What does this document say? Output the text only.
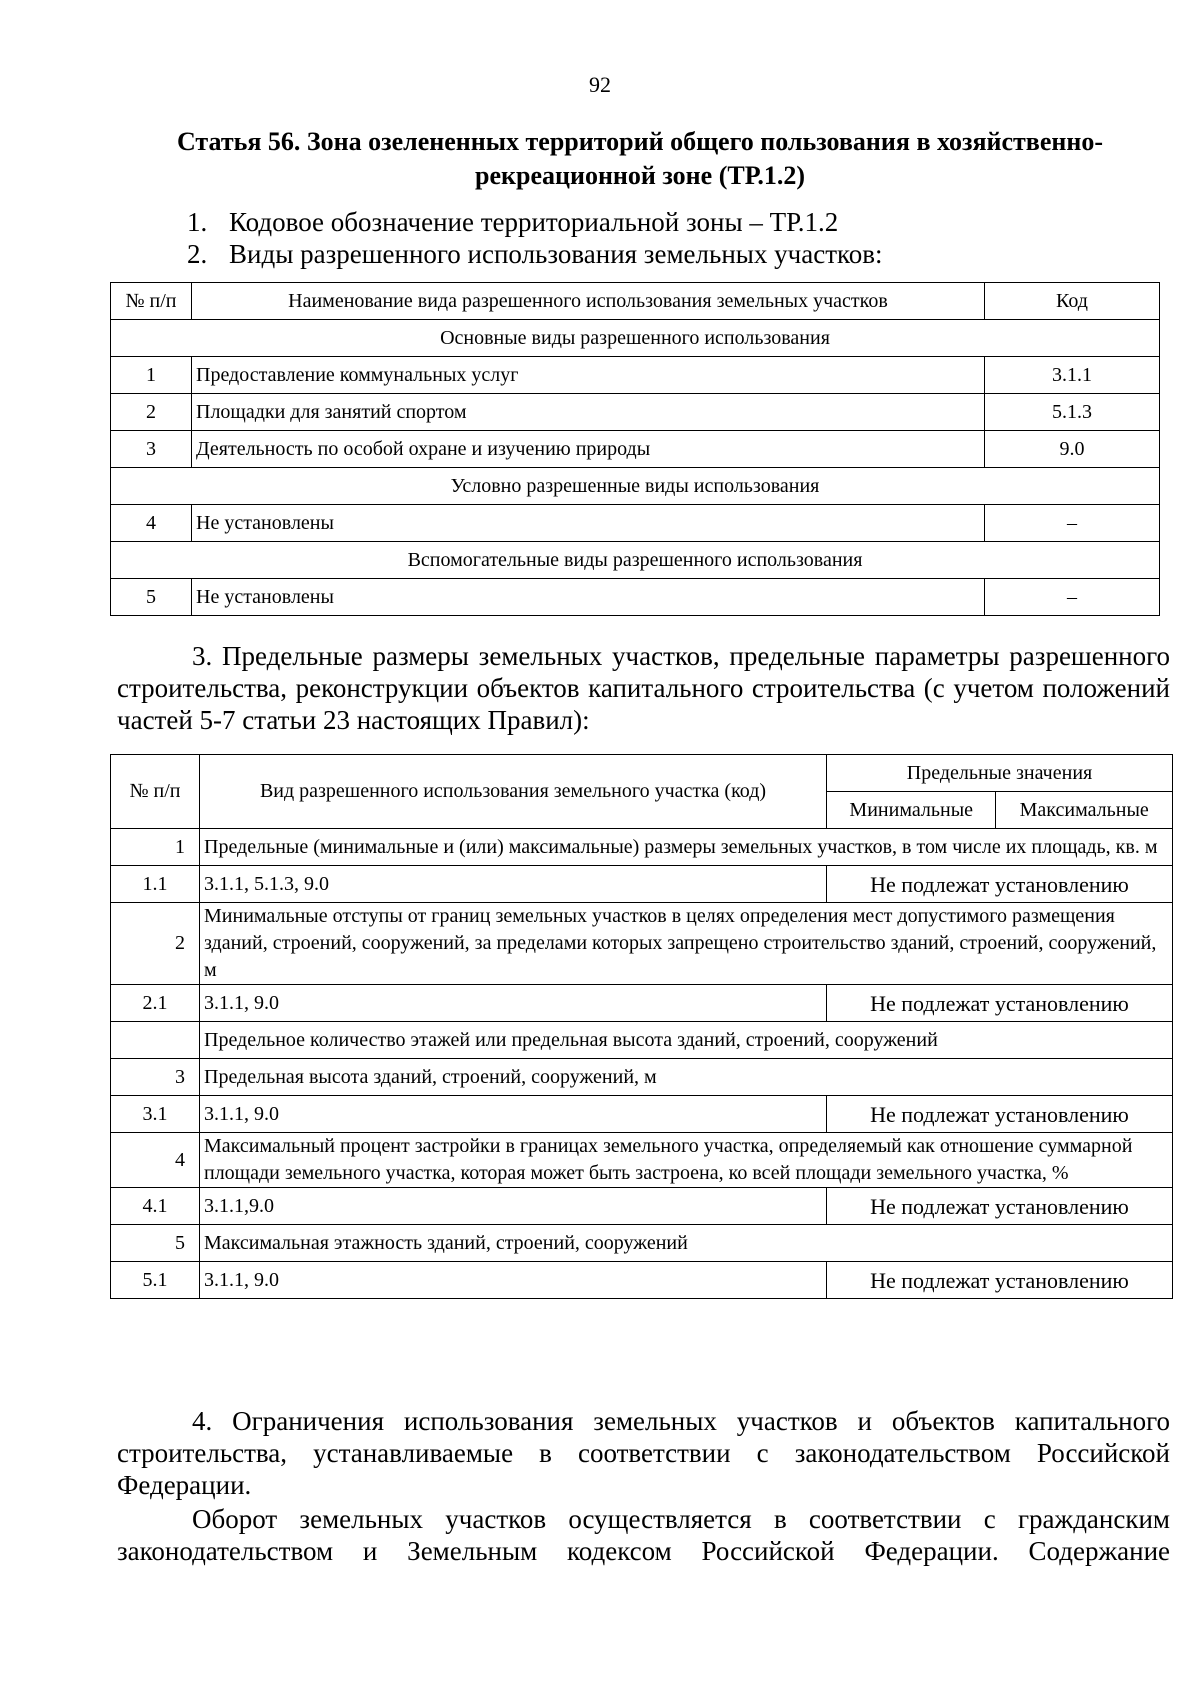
92
Статья 56. Зона озелененных территорий общего пользования в хозяйственно-рекреационной зоне (ТР.1.2)
1. Кодовое обозначение территориальной зоны – ТР.1.2
2. Виды разрешенного использования земельных участков:
№ п/п	Наименование вида разрешенного использования земельных участков	Код
Основные виды разрешенного использования		
1	Предоставление коммунальных услуг	3.1.1
2	Площадки для занятий спортом	5.1.3
3	Деятельность по особой охране и изучению природы	9.0
Условно разрешенные виды использования		
4	Не установлены	–
Вспомогательные виды разрешенного использования		
5	Не установлены	–
3. Предельные размеры земельных участков, предельные параметры разрешенного строительства, реконструкции объектов капитального строительства (с учетом положений частей 5-7 статьи 23 настоящих Правил):
№ п/п	Вид разрешенного использования земельного участка (код)	Предельные значения	
		Минимальные	Максимальные
1	Предельные (минимальные и (или) максимальные) размеры земельных участков, в том числе их площадь, кв. м		
1.1	3.1.1, 5.1.3, 9.0	Не подлежат установлению	
2	Минимальные отступы от границ земельных участков в целях определения мест допустимого размещения зданий, строений, сооружений, за пределами которых запрещено строительство зданий, строений, сооружений, м		
2.1	3.1.1, 9.0	Не подлежат установлению	
	Предельное количество этажей или предельная высота зданий, строений, сооружений		
3	Предельная высота зданий, строений, сооружений, м		
3.1	3.1.1, 9.0	Не подлежат установлению	
4	Максимальный процент застройки в границах земельного участка, определяемый как отношение суммарной площади земельного участка, которая может быть застроена, ко всей площади земельного участка, %		
4.1	3.1.1,9.0	Не подлежат установлению	
5	Максимальная этажность зданий, строений, сооружений		
5.1	3.1.1, 9.0	Не подлежат установлению	
4. Ограничения использования земельных участков и объектов капитального строительства, устанавливаемые в соответствии с законодательством Российской Федерации.
Оборот земельных участков осуществляется в соответствии с гражданским законодательством и Земельным кодексом Российской Федерации. Содержание
